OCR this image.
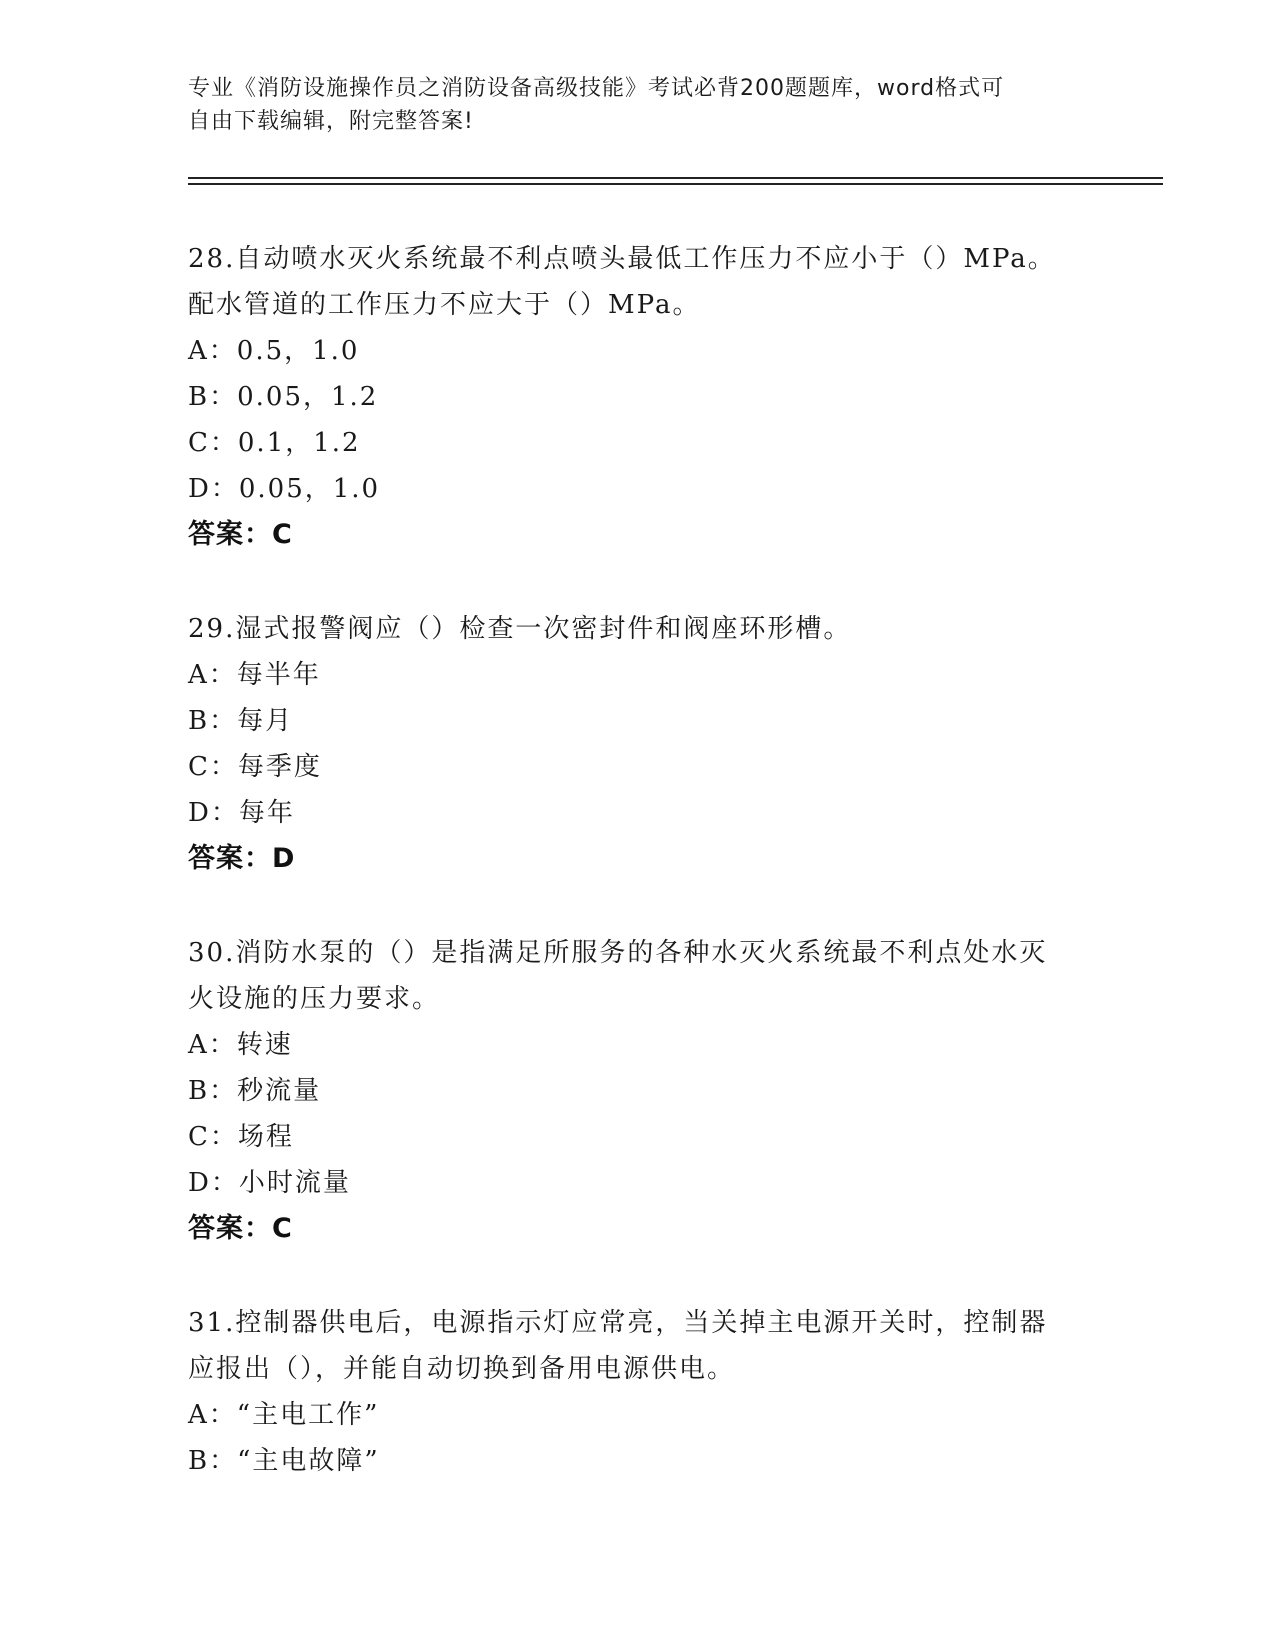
专业《消防设施操作员之消防设备高级技能》考试必背200题题库，word格式可
自由下载编辑，附完整答案!
28.自动喷水灭火系统最不利点喷头最低工作压力不应小于（）MPa。
配水管道的工作压力不应大于（）MPa。
A：0.5，1.0
B：0.05，1.2
C：0.1，1.2
D：0.05，1.0
答案：C
29.湿式报警阀应（）检查一次密封件和阀座环形槽。
A：每半年
B：每月
C：每季度
D：每年
答案：D
30.消防水泵的（）是指满足所服务的各种水灭火系统最不利点处水灭
火设施的压力要求。
A：转速
B：秒流量
C：场程
D：小时流量
答案：C
31.控制器供电后，电源指示灯应常亮，当关掉主电源开关时，控制器
应报出（），并能自动切换到备用电源供电。
A：“主电工作”
B：“主电故障”
